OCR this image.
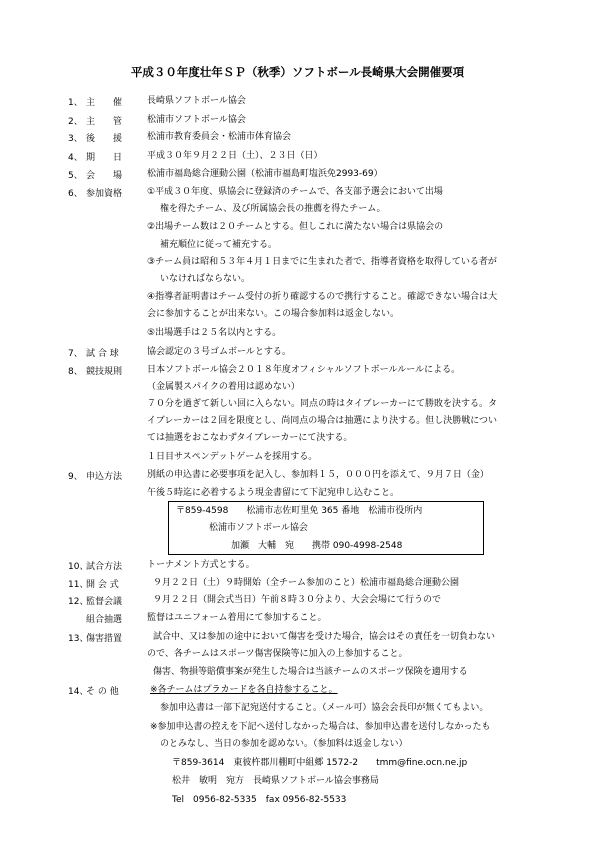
平成３０年度壮年ＳＰ（秋季）ソフトボール長崎県大会開催要項
1、 主　　催
2、 主　　管
3、 後　　援
4、 期　　日
5、 会　　場
6、 参加資格
7、 試 合 球
8、 競技規則
9、 申込方法
10、
試合方法
11、
開 会 式
12、
監督会議
組合抽選
13、
傷害措置
14、
そ の 他
長崎県ソフトボール協会
松浦市ソフトボール協会
松浦市教育委員会・松浦市体育協会
平成３０年９月２２日（土）、２３日（日）
松浦市福島総合運動公園（松浦市福島町塩浜免2993-69）
①平成３０年度、県協会に登録済のチームで、各支部予選会において出場
権を得たチーム、及び所属協会長の推薦を得たチーム。
②出場チーム数は２０チームとする。但しこれに満たない場合は県協会の
補充順位に従って補充する。
③チーム員は昭和５３年４月１日までに生まれた者で、指導者資格を取得している者が
いなければならない。
④指導者証明書はチーム受付の折り確認するので携行すること。確認できない場合は大
会に参加することが出来ない。この場合参加料は返金しない。
⑤出場選手は２５名以内とする。
協会認定の３号ゴムボールとする。
日本ソフトボール協会２０１８年度オフィシャルソフトボールルールによる。
（金属製スパイクの着用は認めない）
７０分を過ぎて新しい回に入らない。同点の時はタイブレーカーにて勝敗を決する。タ
イブレーカーは２回を限度とし、尚同点の場合は抽選により決する。但し決勝戦につい
ては抽選をおこなわずタイブレーカーにて決する。
１日目サスペンデットゲームを採用する。
別紙の申込書に必要事項を記入し、参加料１５，０００円を添えて、９月７日（金）
午後５時迄に必着するよう現金書留にて下記宛申し込むこと。
〒859-4598　　松浦市志佐町里免 365 番地　松浦市役所内
松浦市ソフトボール協会
加瀬　大輔　宛　　携帯 090-4998-2548
トーナメント方式とする。
９月２２日（土）９時開始（全チーム参加のこと）松浦市福島総合運動公園
９月２２日（開会式当日）午前８時３０分より、大会会場にて行うので
監督はユニフォーム着用にて参加すること。
試合中、又は参加の途中において傷害を受けた場合，協会はその責任を一切負わない
ので、各チームはスポーツ傷害保険等に加入の上参加すること。
傷害、物損等賠償事案が発生した場合は当該チームのスポーツ保険を適用する
※各チームはプラカードを各自持参すること。
参加申込書は一部下記宛送付すること。（メール可）協会会長印が無くてもよい。
※参加申込書の控えを下記へ送付しなかった場合は、参加申込書を送付しなかったも
のとみなし、当日の参加を認めない。（参加料は返金しない）
〒859-3614　東彼杵郡川棚町中組郷 1572-2　　tmm@fine.ocn.ne.jp
松井　敏明　宛方　長崎県ソフトボール協会事務局
Tel　0956-82-5335　fax 0956-82-5533
